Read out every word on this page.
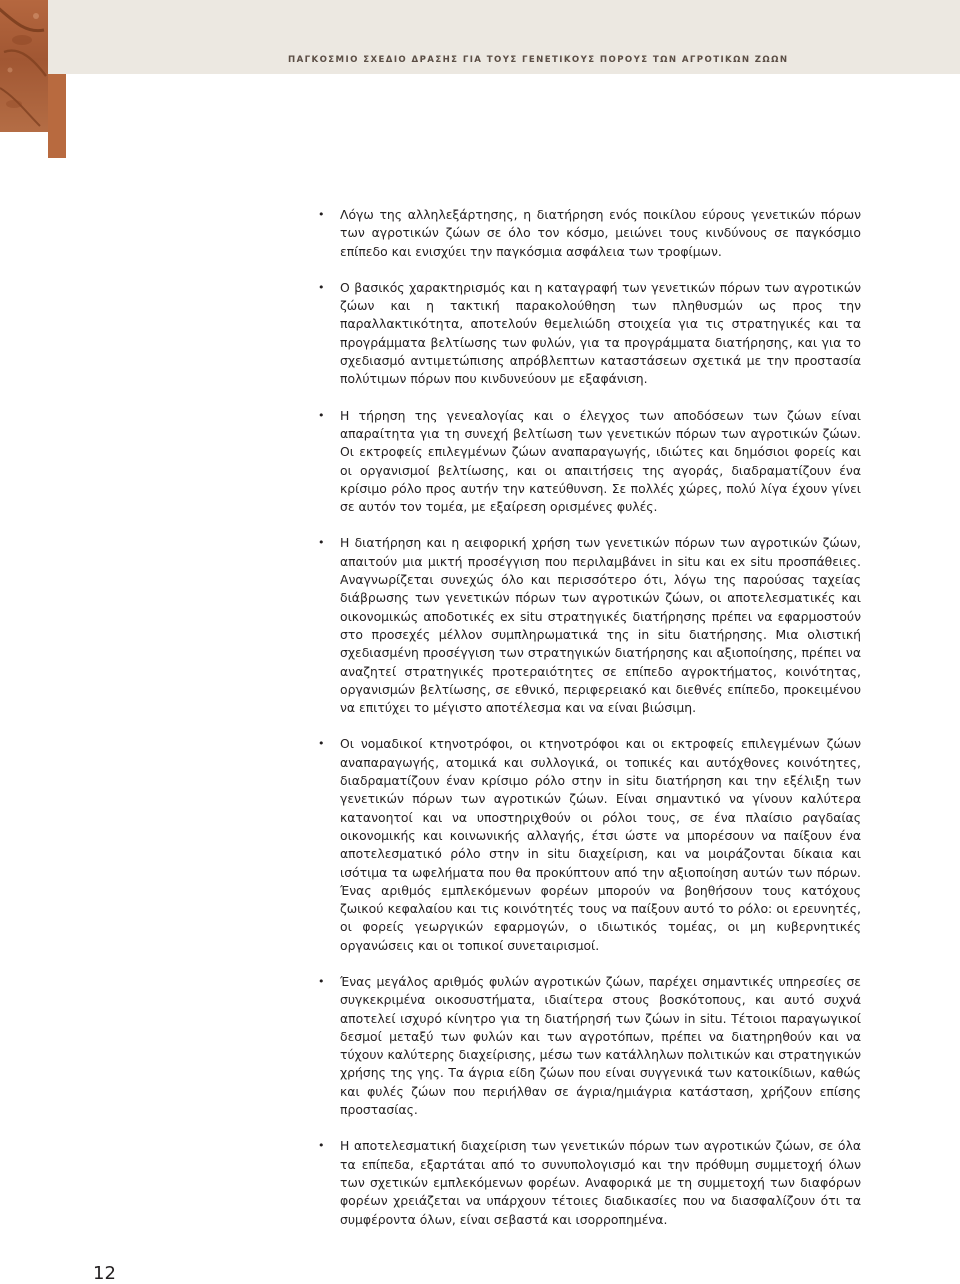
ΠΑΓΚΟΣΜΙΟ ΣΧΕΔΙΟ ΔΡΑΣΗΣ ΓΙΑ ΤΟΥΣ ΓΕΝΕΤΙΚΟΥΣ ΠΟΡΟΥΣ ΤΩΝ ΑΓΡΟΤΙΚΩΝ ΖΩΩΝ
• Λόγω της αλληλεξάρτησης, η διατήρηση ενός ποικίλου εύρους γενετικών πόρων των αγροτικών ζώων σε όλο τον κόσμο, μειώνει τους κινδύνους σε παγκόσμιο επίπεδο και ενισχύει την παγκόσμια ασφάλεια των τροφίμων.
• Ο βασικός χαρακτηρισμός και η καταγραφή των γενετικών πόρων των αγροτικών ζώων και η τακτική παρακολούθηση των πληθυσμών ως προς την παραλλακτικότητα, αποτελούν θεμελιώδη στοιχεία για τις στρατηγικές και τα προγράμματα βελτίωσης των φυλών, για τα προγράμματα διατήρησης, και για το σχεδιασμό αντιμετώπισης απρόβλεπτων καταστάσεων σχετικά με την προστασία πολύτιμων πόρων που κινδυνεύουν με εξαφάνιση.
• Η τήρηση της γενεαλογίας και ο έλεγχος των αποδόσεων των ζώων είναι απαραίτητα για τη συνεχή βελτίωση των γενετικών πόρων των αγροτικών ζώων. Οι εκτροφείς επιλεγμένων ζώων αναπαραγωγής, ιδιώτες και δημόσιοι φορείς και οι οργανισμοί βελτίωσης, και οι απαιτήσεις της αγοράς, διαδραματίζουν ένα κρίσιμο ρόλο προς αυτήν την κατεύθυνση. Σε πολλές χώρες, πολύ λίγα έχουν γίνει σε αυτόν τον τομέα, με εξαίρεση ορισμένες φυλές.
• Η διατήρηση και η αειφορική χρήση των γενετικών πόρων των αγροτικών ζώων, απαιτούν μια μικτή προσέγγιση που περιλαμβάνει in situ και ex situ προσπάθειες. Αναγνωρίζεται συνεχώς όλο και περισσότερο ότι, λόγω της παρούσας ταχείας διάβρωσης των γενετικών πόρων των αγροτικών ζώων, οι αποτελεσματικές και οικονομικώς αποδοτικές ex situ στρατηγικές διατήρησης πρέπει να εφαρμοστούν στο προσεχές μέλλον συμπληρωματικά της in situ διατήρησης. Μια ολιστική σχεδιασμένη προσέγγιση των στρατηγικών διατήρησης και αξιοποίησης, πρέπει να αναζητεί στρατηγικές προτεραιότητες σε επίπεδο αγροκτήματος, κοινότητας, οργανισμών βελτίωσης, σε εθνικό, περιφερειακό και διεθνές επίπεδο, προκειμένου να επιτύχει το μέγιστο αποτέλεσμα και να είναι βιώσιμη.
• Οι νομαδικοί κτηνοτρόφοι, οι κτηνοτρόφοι και οι εκτροφείς επιλεγμένων ζώων αναπαραγωγής, ατομικά και συλλογικά, οι τοπικές και αυτόχθονες κοινότητες, διαδραματίζουν έναν κρίσιμο ρόλο στην in situ διατήρηση και την εξέλιξη των γενετικών πόρων των αγροτικών ζώων. Είναι σημαντικό να γίνουν καλύτερα κατανοητοί και να υποστηριχθούν οι ρόλοι τους, σε ένα πλαίσιο ραγδαίας οικονομικής και κοινωνικής αλλαγής, έτσι ώστε να μπορέσουν να παίξουν ένα αποτελεσματικό ρόλο στην in situ διαχείριση, και να μοιράζονται δίκαια και ισότιμα τα ωφελήματα που θα προκύπτουν από την αξιοποίηση αυτών των πόρων. Ένας αριθμός εμπλεκόμενων φορέων μπορούν να βοηθήσουν τους κατόχους ζωικού κεφαλαίου και τις κοινότητές τους να παίξουν αυτό το ρόλο: οι ερευνητές, οι φορείς γεωργικών εφαρμογών, ο ιδιωτικός τομέας, οι μη κυβερνητικές οργανώσεις και οι τοπικοί συνεταιρισμοί.
• Ένας μεγάλος αριθμός φυλών αγροτικών ζώων, παρέχει σημαντικές υπηρεσίες σε συγκεκριμένα οικοσυστήματα, ιδιαίτερα στους βοσκότοπους, και αυτό συχνά αποτελεί ισχυρό κίνητρο για τη διατήρησή των ζώων in situ. Τέτοιοι παραγωγικοί δεσμοί μεταξύ των φυλών και των αγροτόπων, πρέπει να διατηρηθούν και να τύχουν καλύτερης διαχείρισης, μέσω των κατάλληλων πολιτικών και στρατηγικών χρήσης της γης. Τα άγρια είδη ζώων που είναι συγγενικά των κατοικίδιων, καθώς και φυλές ζώων που περιήλθαν σε άγρια/ημιάγρια κατάσταση, χρήζουν επίσης προστασίας.
• Η αποτελεσματική διαχείριση των γενετικών πόρων των αγροτικών ζώων, σε όλα τα επίπεδα, εξαρτάται από το συνυπολογισμό και την πρόθυμη συμμετοχή όλων των σχετικών εμπλεκόμενων φορέων. Αναφορικά με τη συμμετοχή των διαφόρων φορέων χρειάζεται να υπάρχουν τέτοιες διαδικασίες που να διασφαλίζουν ότι τα συμφέροντα όλων, είναι σεβαστά και ισορροπημένα.
12
